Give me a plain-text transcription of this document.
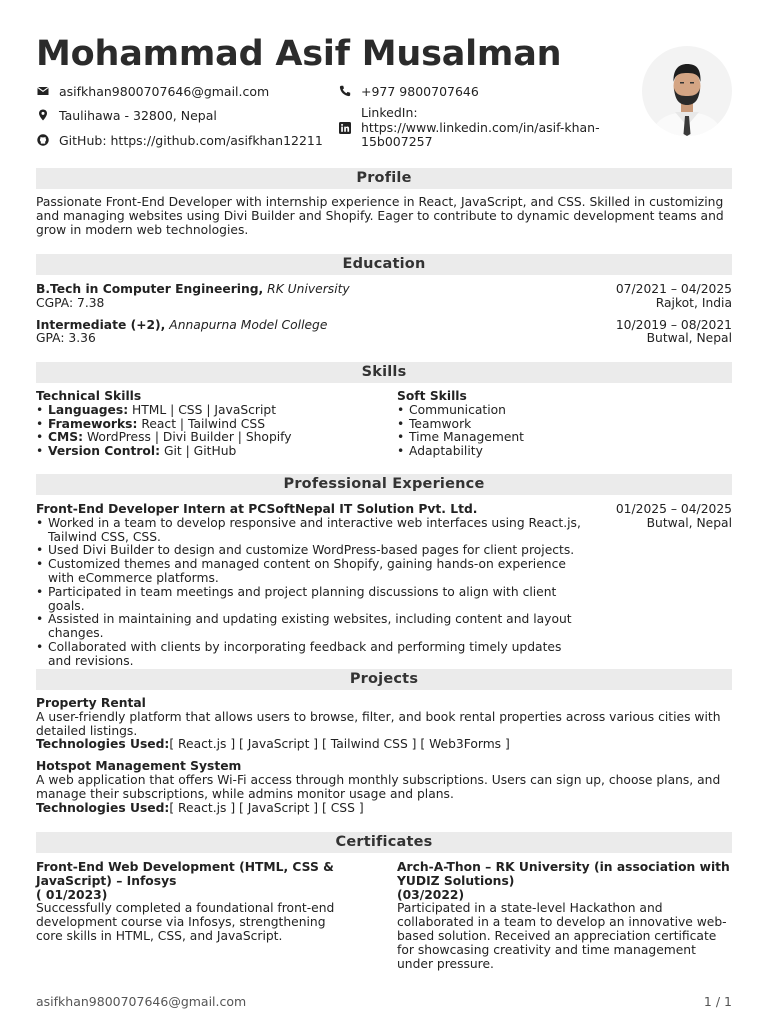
Mohammad Asif Musalman
asifkhan9800707646@gmail.com
Taulihawa - 32800, Nepal
GitHub: https://github.com/asifkhan12211
+977 9800707646
LinkedIn:
https://www.linkedin.com/in/asif-khan-
15b007257
Profile
Passionate Front-End Developer with internship experience in React, JavaScript, and CSS. Skilled in customizing and managing websites using Divi Builder and Shopify. Eager to contribute to dynamic development teams and grow in modern web technologies.
Education
B.Tech in Computer Engineering, RK University
CGPA: 7.38
07/2021 – 04/2025
Rajkot, India
Intermediate (+2), Annapurna Model College
GPA: 3.36
10/2019 – 08/2021
Butwal, Nepal
Skills
Technical Skills
• Languages: HTML | CSS | JavaScript
• Frameworks: React | Tailwind CSS
• CMS: WordPress | Divi Builder | Shopify
• Version Control: Git | GitHub
Soft Skills
• Communication
• Teamwork
• Time Management
• Adaptability
Professional Experience
Front-End Developer Intern at PCSoftNepal IT Solution Pvt. Ltd.
• Worked in a team to develop responsive and interactive web interfaces using React.js, Tailwind CSS, CSS.
• Used Divi Builder to design and customize WordPress-based pages for client projects.
• Customized themes and managed content on Shopify, gaining hands-on experience with eCommerce platforms.
• Participated in team meetings and project planning discussions to align with client goals.
• Assisted in maintaining and updating existing websites, including content and layout changes.
• Collaborated with clients by incorporating feedback and performing timely updates and revisions.
01/2025 – 04/2025
Butwal, Nepal
Projects
Property Rental
A user-friendly platform that allows users to browse, filter, and book rental properties across various cities with detailed listings.
Technologies Used:[ React.js ] [ JavaScript ] [ Tailwind CSS ] [ Web3Forms ]
Hotspot Management System
A web application that offers Wi-Fi access through monthly subscriptions. Users can sign up, choose plans, and manage their subscriptions, while admins monitor usage and plans.
Technologies Used:[ React.js ] [ JavaScript ] [ CSS ]
Certificates
Front-End Web Development (HTML, CSS & JavaScript) – Infosys
( 01/2023)
Successfully completed a foundational front-end development course via Infosys, strengthening core skills in HTML, CSS, and JavaScript.
Arch-A-Thon – RK University (in association with YUDIZ Solutions)
(03/2022)
Participated in a state-level Hackathon and collaborated in a team to develop an innovative web-based solution. Received an appreciation certificate for showcasing creativity and time management under pressure.
asifkhan9800707646@gmail.com	1 / 1
